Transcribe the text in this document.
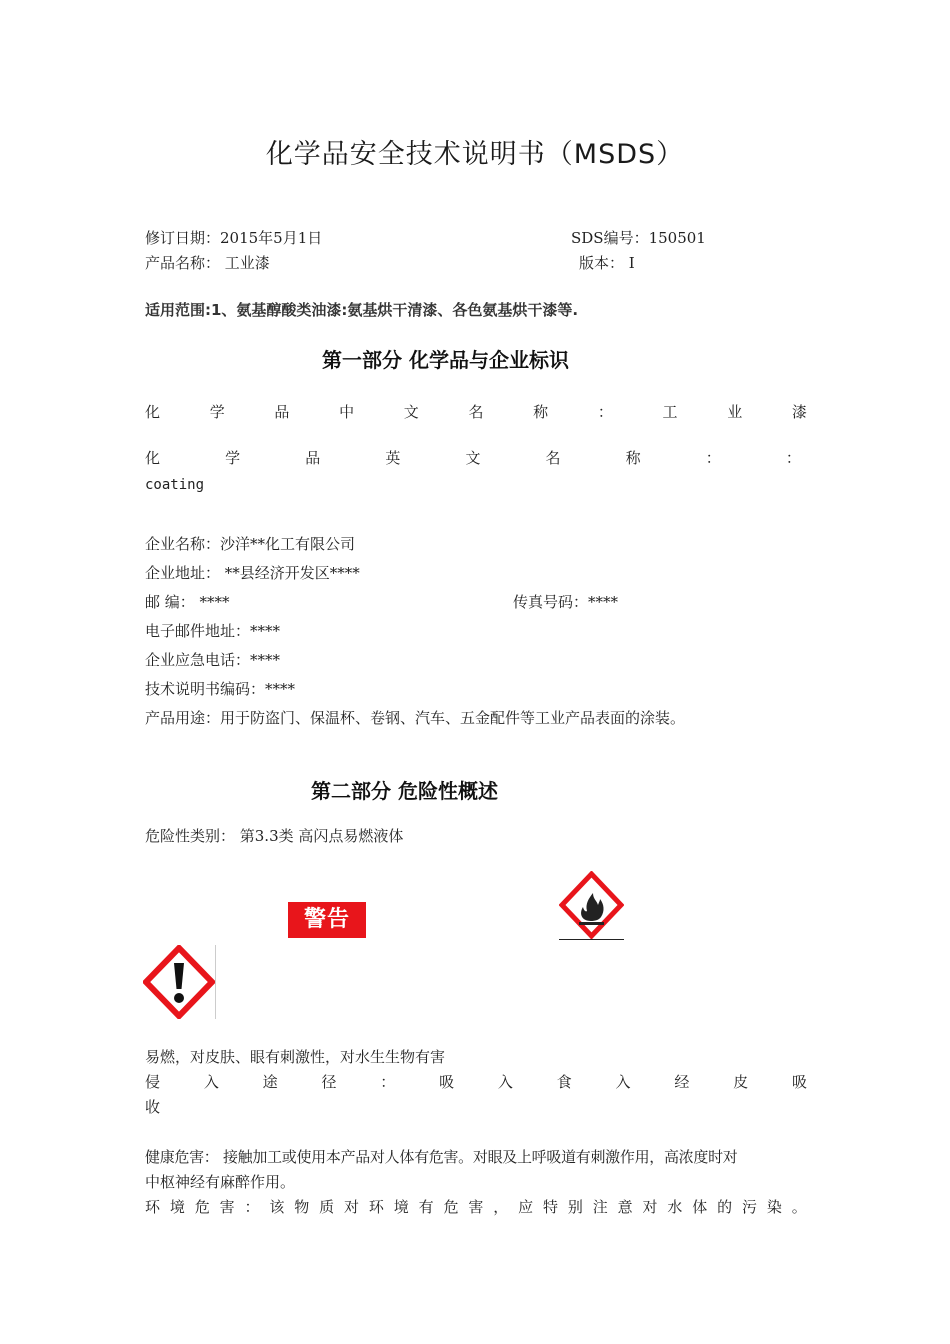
化学品安全技术说明书（MSDS）
修订日期：2015年5月1日	SDS编号：150501
产品名称： 工业漆	版本： Ⅰ
适用范围:1、氨基醇酸类油漆:氨基烘干清漆、各色氨基烘干漆等.
第一部分 化学品与企业标识
化	学	品	中	文	名	称	：	工	业	漆
化	学	品	英	文	名	称	：	：
coating
企业名称：沙洋**化工有限公司
企业地址： **县经济开发区****
邮 编： ****	传真号码：****
电子邮件地址：****
企业应急电话：****
技术说明书编码：****
产品用途：用于防盗门、保温杯、卷钢、汽车、五金配件等工业产品表面的涂装。
第二部分 危险性概述
危险性类别： 第3.3类 高闪点易燃液体
警告
易燃，对皮肤、眼有刺激性，对水生生物有害
侵	入	途	径	：	吸	入	食	入	经	皮	吸
收
健康危害： 接触加工或使用本产品对人体有危害。对眼及上呼吸道有刺激作用，高浓度时对
中枢神经有麻醉作用。
环 境 危 害 ： 该 物 质 对 环 境 有 危 害 ， 应 特 别 注 意 对 水 体 的 污 染 。
